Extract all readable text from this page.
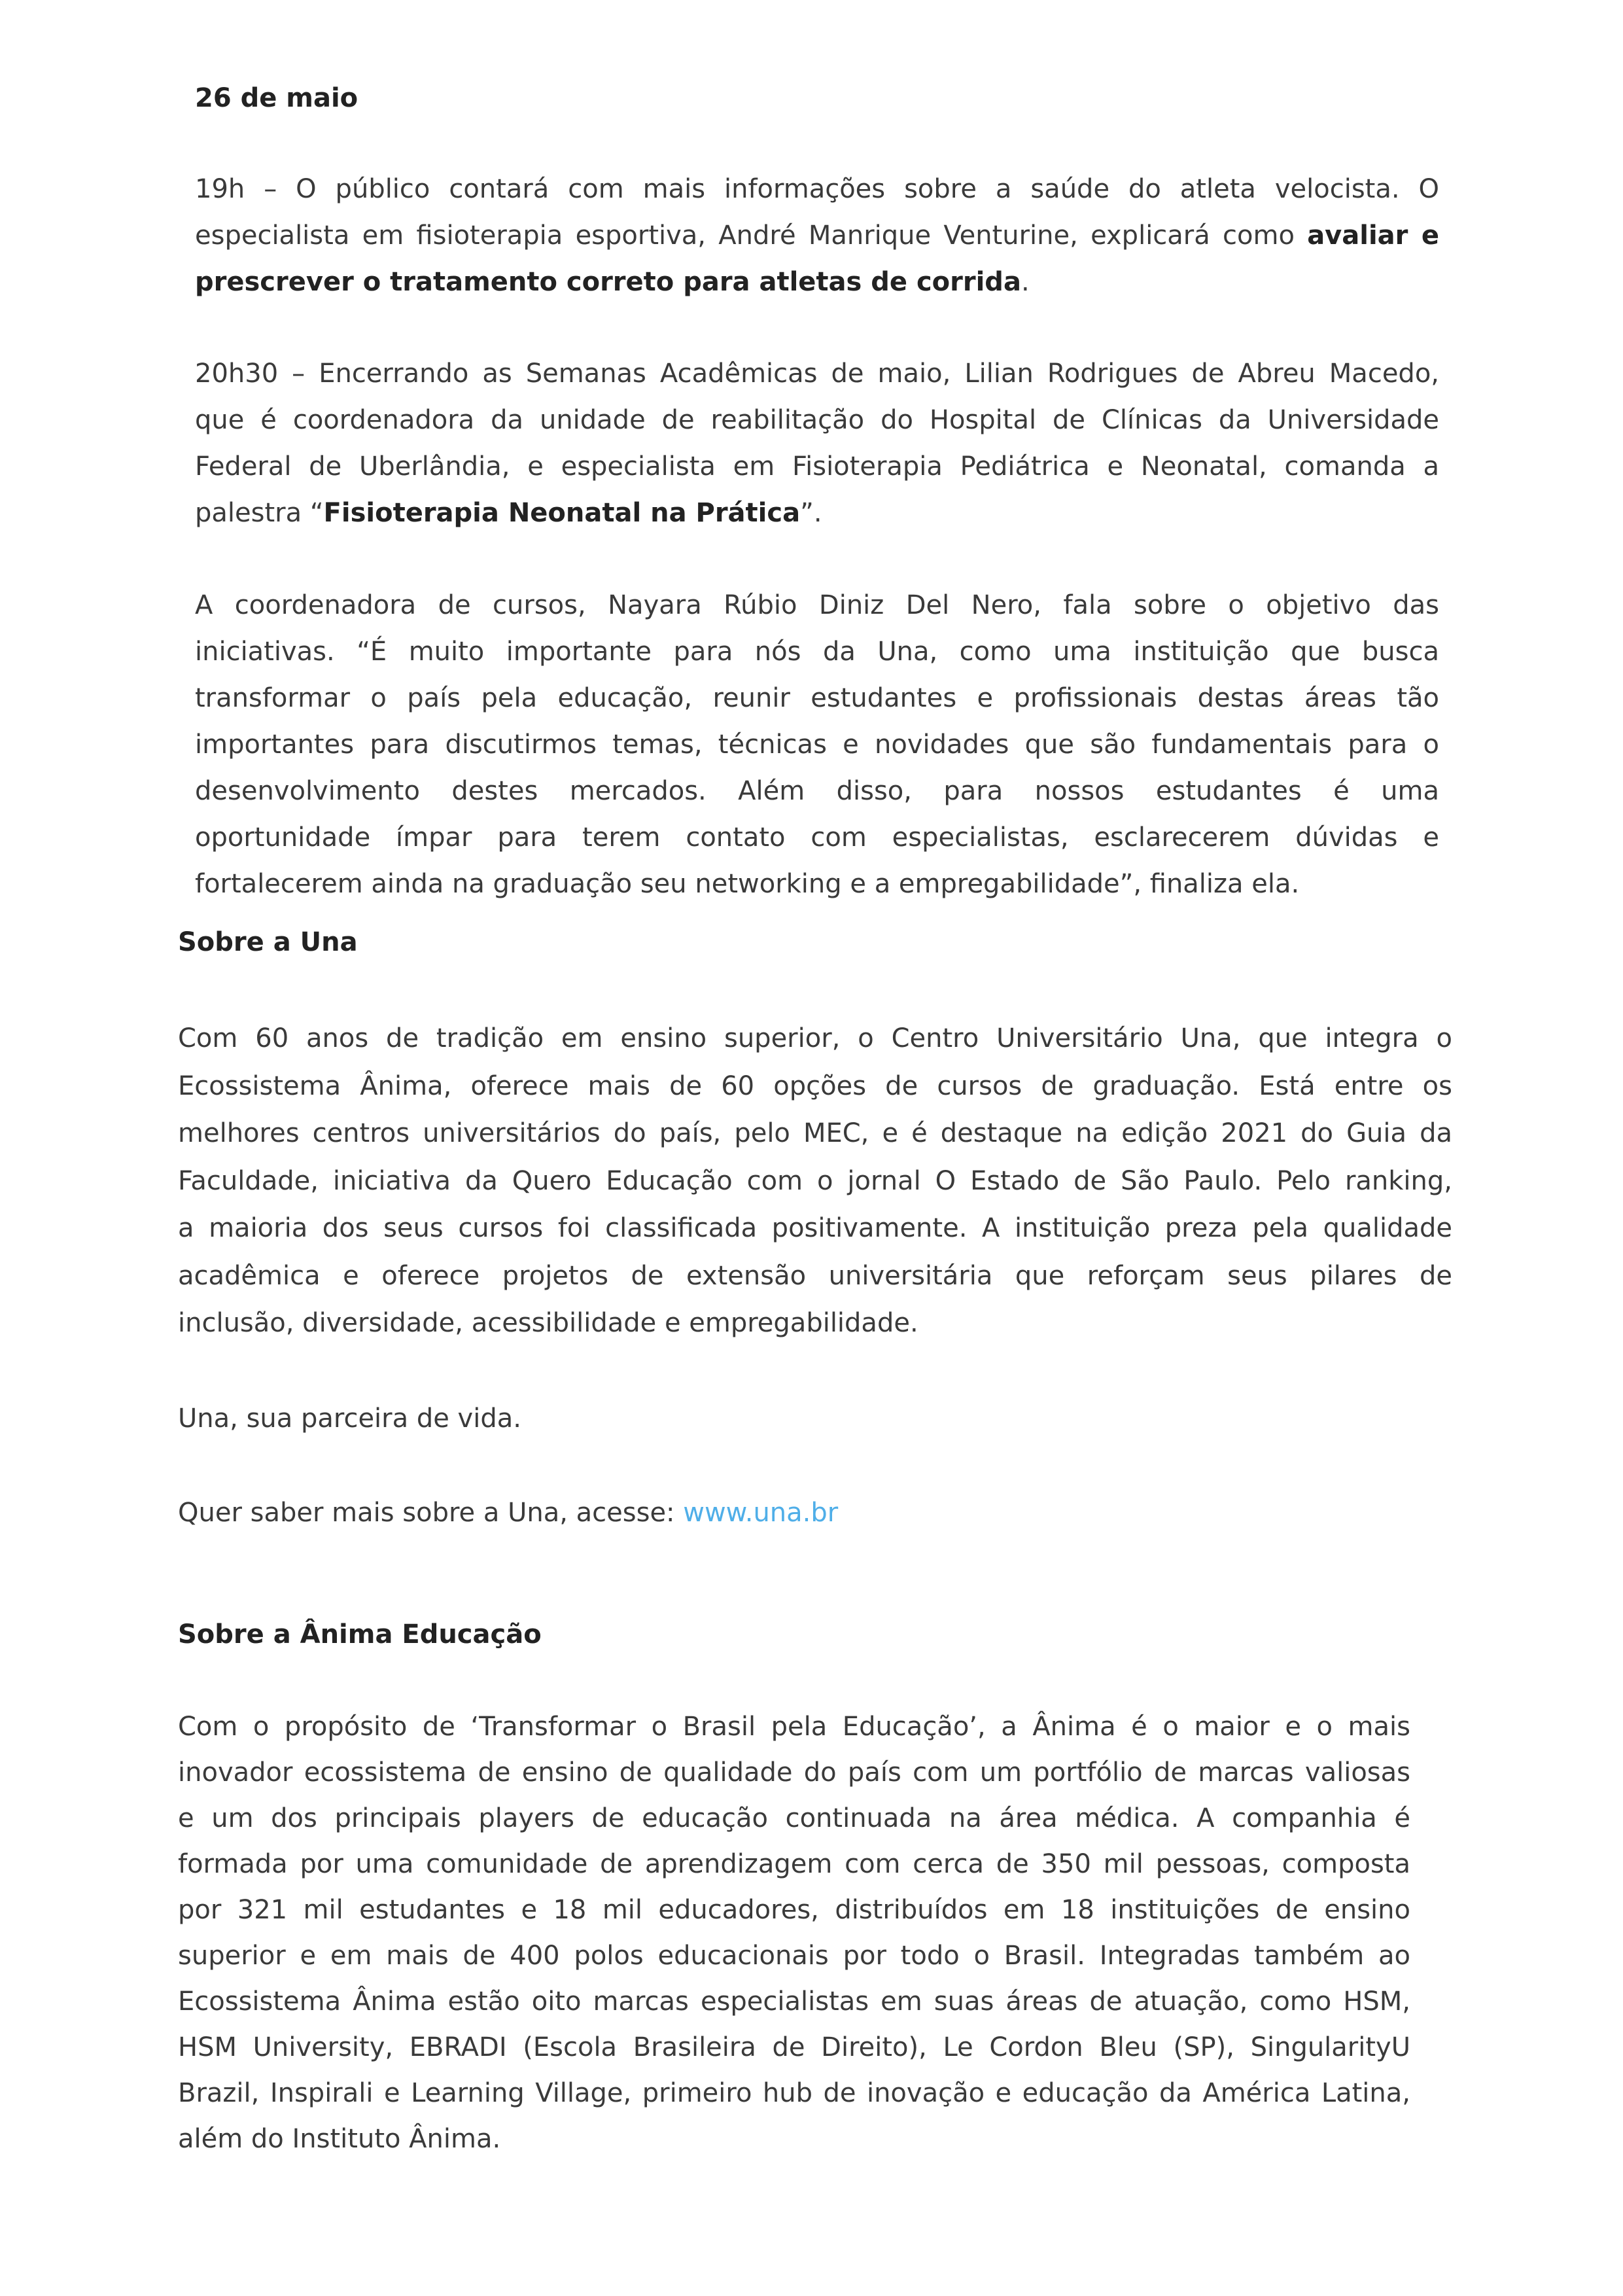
26 de maio
19h – O público contará com mais informações sobre a saúde do atleta velocista. O
especialista em fisioterapia esportiva, André Manrique Venturine, explicará como avaliar e
prescrever o tratamento correto para atletas de corrida.
20h30 – Encerrando as Semanas Acadêmicas de maio, Lilian Rodrigues de Abreu Macedo,
que é coordenadora da unidade de reabilitação do Hospital de Clínicas da Universidade
Federal de Uberlândia, e especialista em Fisioterapia Pediátrica e Neonatal, comanda a
palestra “Fisioterapia Neonatal na Prática”.
A coordenadora de cursos, Nayara Rúbio Diniz Del Nero, fala sobre o objetivo das
iniciativas. “É muito importante para nós da Una, como uma instituição que busca
transformar o país pela educação, reunir estudantes e profissionais destas áreas tão
importantes para discutirmos temas, técnicas e novidades que são fundamentais para o
desenvolvimento destes mercados. Além disso, para nossos estudantes é uma
oportunidade ímpar para terem contato com especialistas, esclarecerem dúvidas e
fortalecerem ainda na graduação seu networking e a empregabilidade”, finaliza ela.
Sobre a Una
Com 60 anos de tradição em ensino superior, o Centro Universitário Una, que integra o
Ecossistema Ânima, oferece mais de 60 opções de cursos de graduação. Está entre os
melhores centros universitários do país, pelo MEC, e é destaque na edição 2021 do Guia da
Faculdade, iniciativa da Quero Educação com o jornal O Estado de São Paulo. Pelo ranking,
a maioria dos seus cursos foi classificada positivamente. A instituição preza pela qualidade
acadêmica e oferece projetos de extensão universitária que reforçam seus pilares de
inclusão, diversidade, acessibilidade e empregabilidade.
Una, sua parceira de vida.
Quer saber mais sobre a Una, acesse: www.una.br
Sobre a Ânima Educação
Com o propósito de ‘Transformar o Brasil pela Educação’, a Ânima é o maior e o mais
inovador ecossistema de ensino de qualidade do país com um portfólio de marcas valiosas
e um dos principais players de educação continuada na área médica. A companhia é
formada por uma comunidade de aprendizagem com cerca de 350 mil pessoas, composta
por 321 mil estudantes e 18 mil educadores, distribuídos em 18 instituições de ensino
superior e em mais de 400 polos educacionais por todo o Brasil. Integradas também ao
Ecossistema Ânima estão oito marcas especialistas em suas áreas de atuação, como HSM,
HSM University, EBRADI (Escola Brasileira de Direito), Le Cordon Bleu (SP), SingularityU
Brazil, Inspirali e Learning Village, primeiro hub de inovação e educação da América Latina,
além do Instituto Ânima.
